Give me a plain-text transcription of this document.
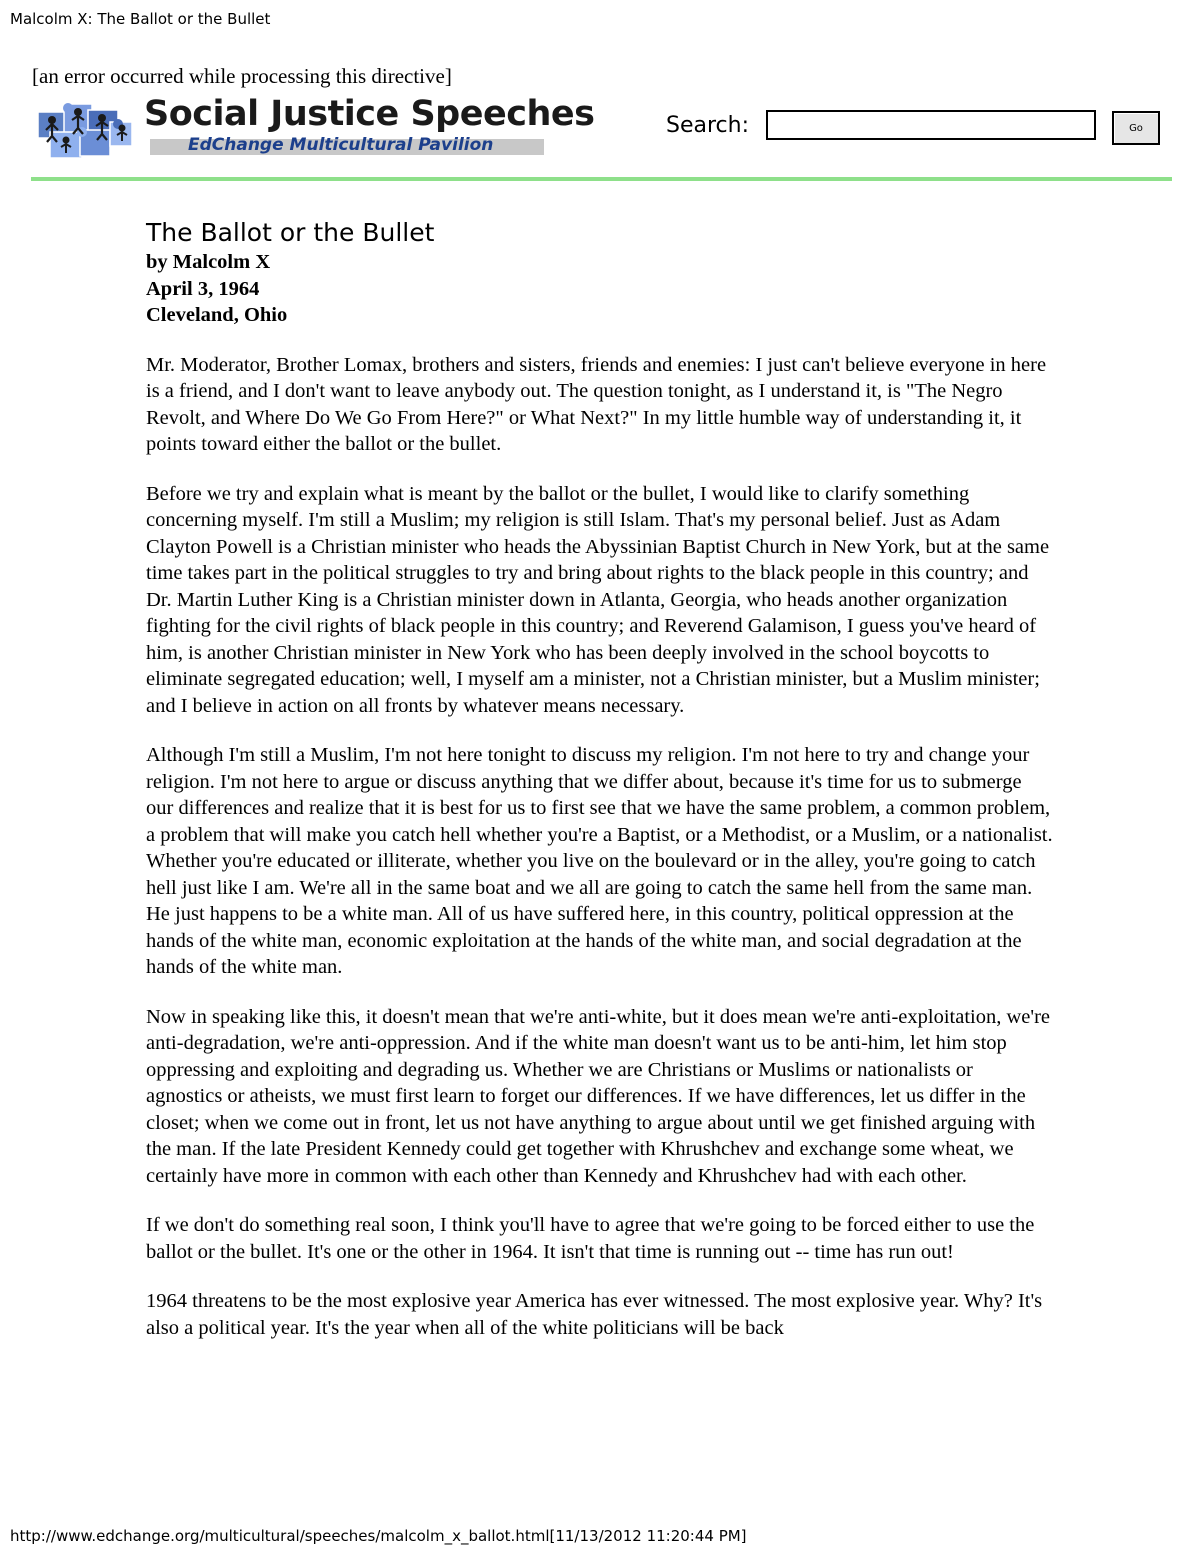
Malcolm X: The Ballot or the Bullet
[an error occurred while processing this directive]
Social Justice Speeches
EdChange Multicultural Pavilion
Search:	Go
The Ballot or the Bullet
by Malcolm X
April 3, 1964
Cleveland, Ohio

Mr. Moderator, Brother Lomax, brothers and sisters, friends and enemies: I just can't believe everyone in here is a friend, and I don't want to leave anybody out. The question tonight, as I understand it, is "The Negro Revolt, and Where Do We Go From Here?" or What Next?" In my little humble way of understanding it, it points toward either the ballot or the bullet.

Before we try and explain what is meant by the ballot or the bullet, I would like to clarify something concerning myself. I'm still a Muslim; my religion is still Islam. That's my personal belief. Just as Adam Clayton Powell is a Christian minister who heads the Abyssinian Baptist Church in New York, but at the same time takes part in the political struggles to try and bring about rights to the black people in this country; and Dr. Martin Luther King is a Christian minister down in Atlanta, Georgia, who heads another organization fighting for the civil rights of black people in this country; and Reverend Galamison, I guess you've heard of him, is another Christian minister in New York who has been deeply involved in the school boycotts to eliminate segregated education; well, I myself am a minister, not a Christian minister, but a Muslim minister; and I believe in action on all fronts by whatever means necessary.

Although I'm still a Muslim, I'm not here tonight to discuss my religion. I'm not here to try and change your religion. I'm not here to argue or discuss anything that we differ about, because it's time for us to submerge our differences and realize that it is best for us to first see that we have the same problem, a common problem, a problem that will make you catch hell whether you're a Baptist, or a Methodist, or a Muslim, or a nationalist. Whether you're educated or illiterate, whether you live on the boulevard or in the alley, you're going to catch hell just like I am. We're all in the same boat and we all are going to catch the same hell from the same man. He just happens to be a white man. All of us have suffered here, in this country, political oppression at the hands of the white man, economic exploitation at the hands of the white man, and social degradation at the hands of the white man.

Now in speaking like this, it doesn't mean that we're anti-white, but it does mean we're anti-exploitation, we're anti-degradation, we're anti-oppression. And if the white man doesn't want us to be anti-him, let him stop oppressing and exploiting and degrading us. Whether we are Christians or Muslims or nationalists or agnostics or atheists, we must first learn to forget our differences. If we have differences, let us differ in the closet; when we come out in front, let us not have anything to argue about until we get finished arguing with the man. If the late President Kennedy could get together with Khrushchev and exchange some wheat, we certainly have more in common with each other than Kennedy and Khrushchev had with each other.

If we don't do something real soon, I think you'll have to agree that we're going to be forced either to use the ballot or the bullet. It's one or the other in 1964. It isn't that time is running out -- time has run out!

1964 threatens to be the most explosive year America has ever witnessed. The most explosive year. Why? It's also a political year. It's the year when all of the white politicians will be back

http://www.edchange.org/multicultural/speeches/malcolm_x_ballot.html[11/13/2012 11:20:44 PM]
